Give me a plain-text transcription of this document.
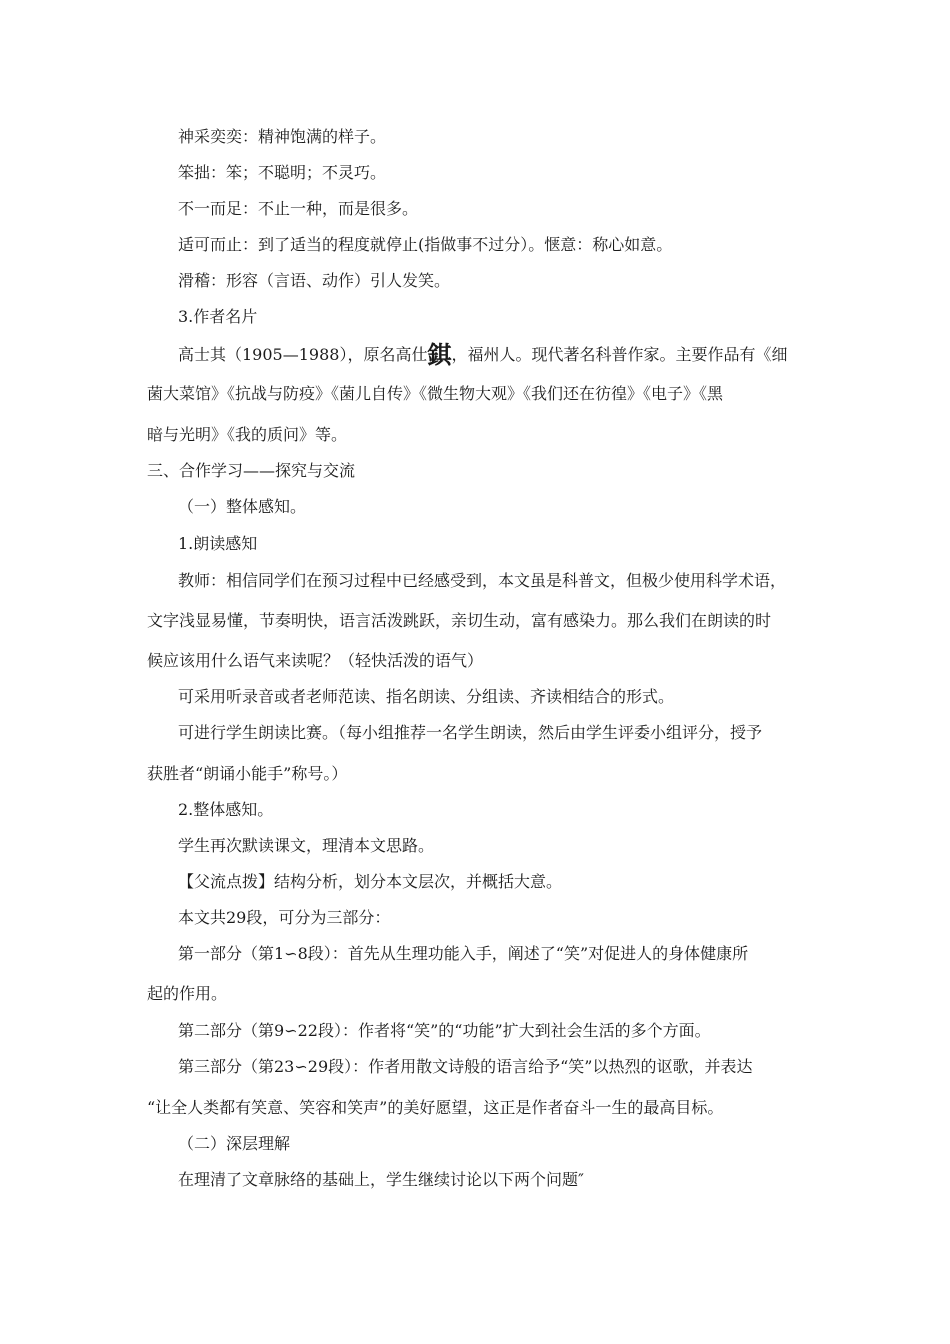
神采奕奕：精神饱满的样子。
笨拙：笨；不聪明；不灵巧。
不一而足：不止一种，而是很多。
适可而止：到了适当的程度就停止(指做事不过分）。惬意：称心如意。
滑稽：形容（言语、动作）引人发笑。
3.作者名片
高士其（1905—1988），原名高仕錤，福州人。现代著名科普作家。主要作品有《细
菌大菜馆》《抗战与防疫》《菌儿自传》《微生物大观》《我们还在彷徨》《电子》《黑
暗与光明》《我的质问》等。
三、合作学习——探究与交流
（一）整体感知。
1.朗读感知
教师：相信同学们在预习过程中已经感受到，本文虽是科普文，但极少使用科学术语，
文字浅显易懂，节奏明快，语言活泼跳跃，亲切生动，富有感染力。那么我们在朗读的时
候应该用什么语气来读呢？（轻快活泼的语气）
可采用听录音或者老师范读、指名朗读、分组读、齐读相结合的形式。
可进行学生朗读比赛。（每小组推荐一名学生朗读，然后由学生评委小组评分，授予
获胜者“朗诵小能手”称号。）
2.整体感知。
学生再次默读课文，理清本文思路。
【父流点拨】结构分析，划分本文层次，并概括大意。
本文共29段，可分为三部分：
第一部分（第1∽8段）：首先从生理功能入手，阐述了“笑”对促进人的身体健康所
起的作用。
第二部分（第9∽22段）：作者将“笑”的“功能”扩大到社会生活的多个方面。
第三部分（第23∽29段）：作者用散文诗般的语言给予“笑”以热烈的讴歌，并表达
“让全人类都有笑意、笑容和笑声”的美好愿望，这正是作者奋斗一生的最高目标。
（二）深层理解
在理清了文章脉络的基础上，学生继续讨论以下两个问题″
